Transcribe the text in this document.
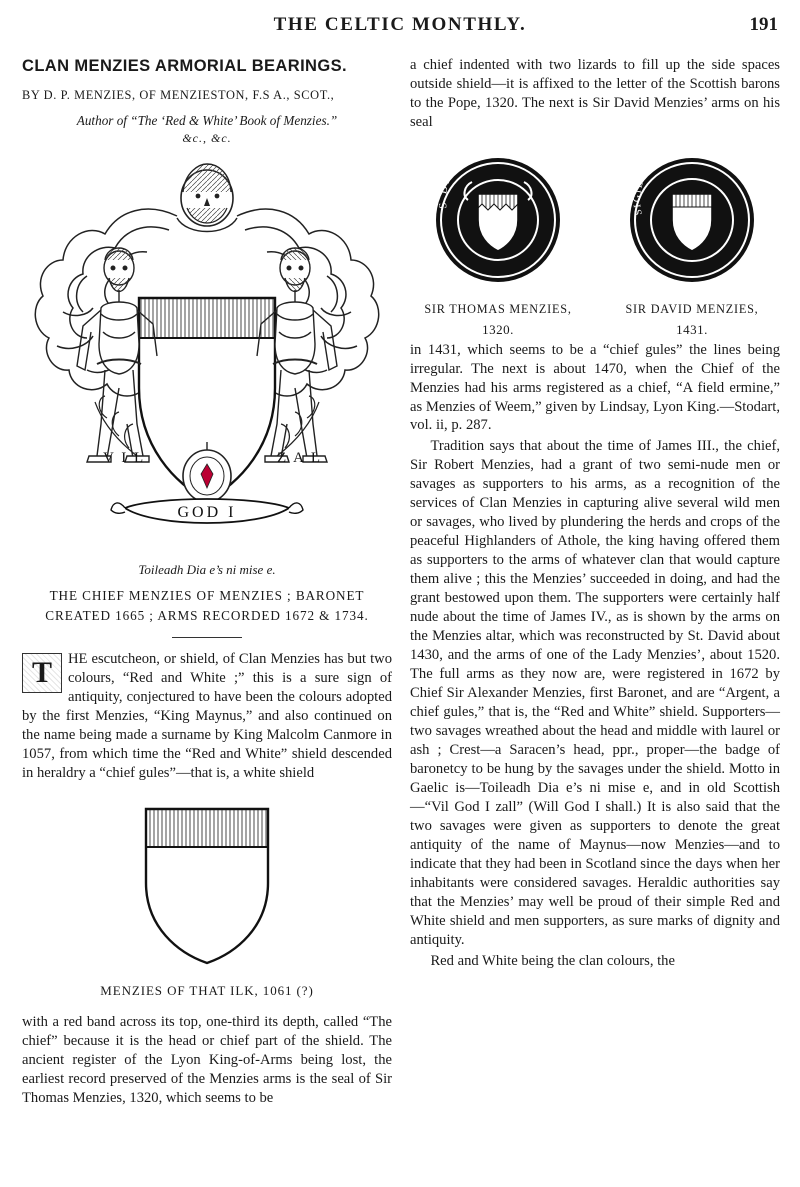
THE CELTIC MONTHLY.	191
CLAN MENZIES ARMORIAL BEARINGS.
BY D. P. MENZIES, OF MENZIESTON, F.S A., SCOT.,
Author of “The ‘Red & White’ Book of Menzies.”
&c., &c.
V I L	Z A L
GOD I
Toileadh Dia e’s ni mise e.
THE CHIEF MENZIES OF MENZIES ; BARONET
CREATED 1665 ; ARMS RECORDED 1672 & 1734.

T	HE escutcheon, or shield, of Clan Menzies has but two colours, “Red and White ;” this is a sure sign of antiquity, conjectured to have been the colours adopted by the first Menzies, “King Maynus,” and also continued on the name being made a surname by King Malcolm Canmore in 1057, from which time the “Red and White” shield descended in heraldry a “chief gules”—that is, a white shield

MENZIES OF THAT ILK, 1061 (?)

with a red band across its top, one-third its depth, called “The chief” because it is the head or chief part of the shield. The ancient register of the Lyon King-of-Arms being lost, the earliest record preserved of the Menzies arms is the seal of Sir Thomas Menzies, 1320, which seems to be

a chief indented with two lizards to fill up the side spaces outside shield—it is affixed to the letter of the Scottish barons to the Pope, 1320. The next is Sir David Menzies’ arms on his seal

S DE MEIVRIS
SIR THOMAS MENZIES,
1320.
SIGILLVM DAVID MEGRIS
SIR DAVID MENZIES,
1431.

in 1431, which seems to be a “chief gules” the lines being irregular. The next is about 1470, when the Chief of the Menzies had his arms registered as a chief, “A field ermine,” as Menzies of Weem,” given by Lindsay, Lyon King.—Stodart, vol. ii, p. 287.

Tradition says that about the time of James III., the chief, Sir Robert Menzies, had a grant of two semi-nude men or savages as supporters to his arms, as a recognition of the services of Clan Menzies in capturing alive several wild men or savages, who lived by plundering the herds and crops of the peaceful Highlanders of Athole, the king having offered them as supporters to the arms of whatever clan that would capture them alive ; this the Menzies’ succeeded in doing, and had the grant bestowed upon them. The supporters were certainly half nude about the time of James IV., as is shown by the arms on the Menzies altar, which was reconstructed by St. David about 1430, and the arms of one of the Lady Menzies’, about 1520. The full arms as they now are, were registered in 1672 by Chief Sir Alexander Menzies, first Baronet, and are “Argent, a chief gules,” that is, the “Red and White” shield. Supporters—two savages wreathed about the head and middle with laurel or ash ; Crest—a Saracen’s head, ppr., proper—the badge of baronetcy to be hung by the savages under the shield. Motto in Gaelic is—Toileadh Dia e’s ni mise e, and in old Scottish—“Vil God I zall” (Will God I shall.) It is also said that the two savages were given as supporters to denote the great antiquity of the name of Maynus—now Menzies—and to indicate that they had been in Scotland since the days when her inhabitants were considered savages. Heraldic authorities say that the Menzies’ may well be proud of their simple Red and White shield and men supporters, as sure marks of dignity and antiquity.

Red and White being the clan colours, the
